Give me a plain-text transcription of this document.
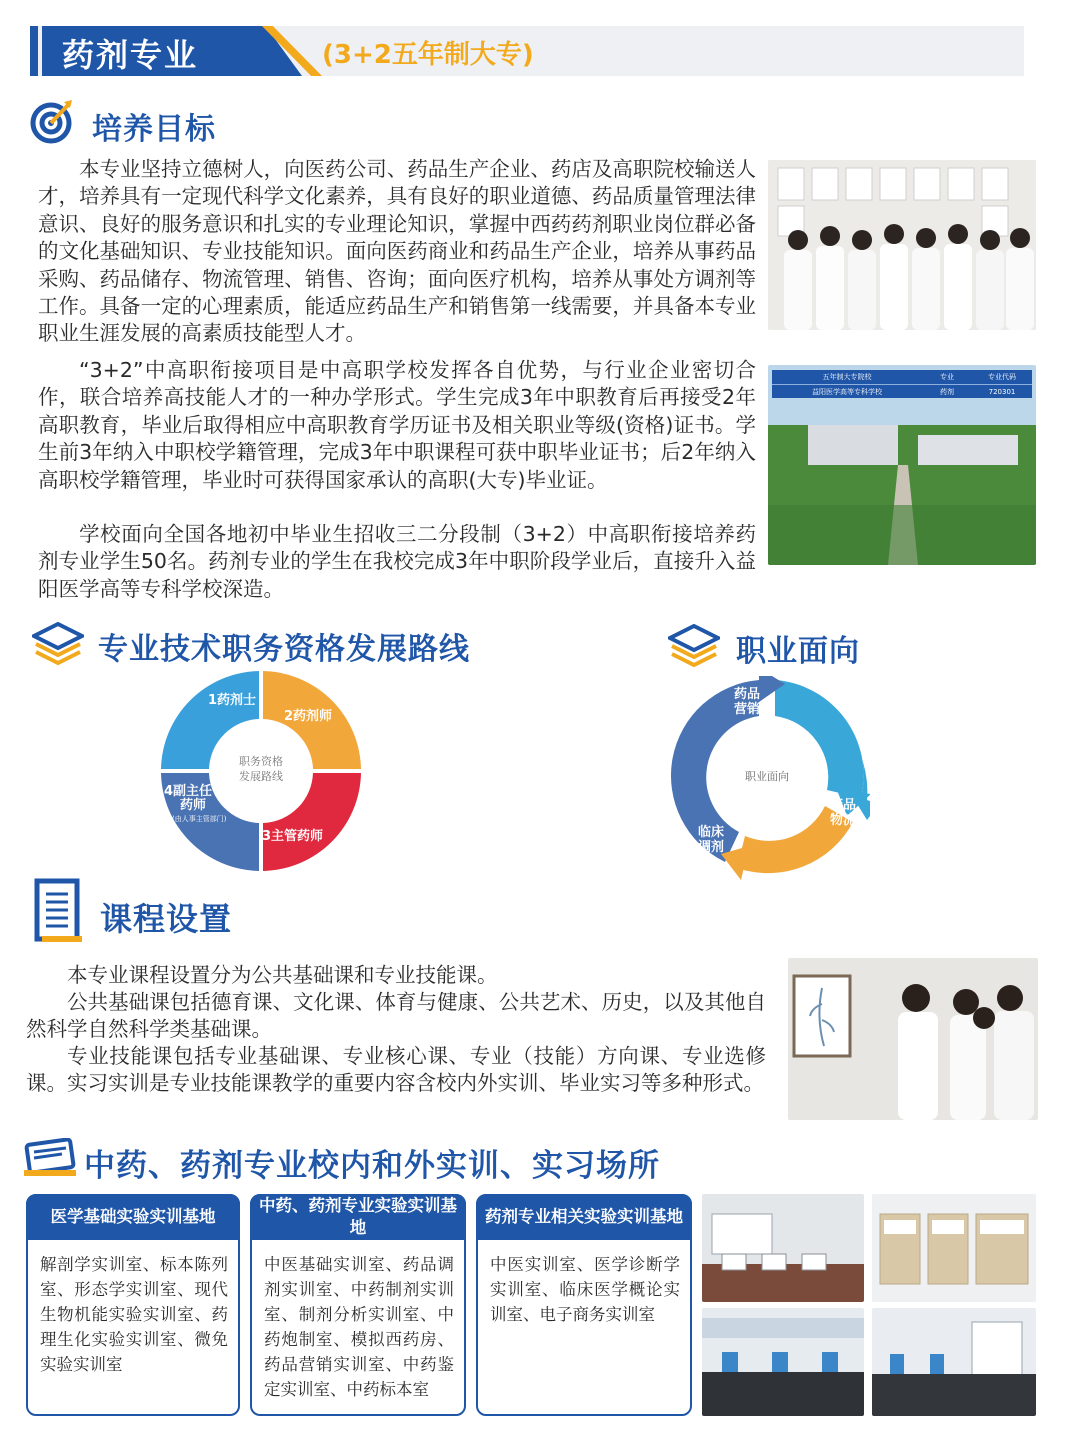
药剂专业	(3+2五年制大专)
培养目标
本专业坚持立德树人，向医药公司、药品生产企业、药店及高职院校输送人才，培养具有一定现代科学文化素养，具有良好的职业道德、药品质量管理法律意识、良好的服务意识和扎实的专业理论知识，掌握中西药药剂职业岗位群必备的文化基础知识、专业技能知识。面向医药商业和药品生产企业，培养从事药品采购、药品储存、物流管理、销售、咨询；面向医疗机构，培养从事处方调剂等工作。具备一定的心理素质，能适应药品生产和销售第一线需要，并具备本专业职业生涯发展的高素质技能型人才。
“3+2”中高职衔接项目是中高职学校发挥各自优势，与行业企业密切合作，联合培养高技能人才的一种办学形式。学生完成3年中职教育后再接受2年高职教育，毕业后取得相应中高职教育学历证书及相关职业等级(资格)证书。学生前3年纳入中职校学籍管理，完成3年中职课程可获中职毕业证书；后2年纳入高职校学籍管理，毕业时可获得国家承认的高职(大专)毕业证。
学校面向全国各地初中毕业生招收三二分段制（3+2）中高职衔接培养药剂专业学生50名。药剂专业的学生在我校完成3年中职阶段学业后，直接升入益阳医学高等专科学校深造。
五年制大专院校	专业	专业代码
益阳医学高等专科学校	药剂	720301
专业技术职务资格发展路线
职务资格
发展路线
1药剂士
2药剂师
3主管药师
4副主任
药师
(由人事主管部门)
职业面向
职业面向
药品
营销
药品
物流
临床
调剂
课程设置
本专业课程设置分为公共基础课和专业技能课。
公共基础课包括德育课、文化课、体育与健康、公共艺术、历史，以及其他自然科学自然科学类基础课。
专业技能课包括专业基础课、专业核心课、专业（技能）方向课、专业选修课。实习实训是专业技能课教学的重要内容含校内外实训、毕业实习等多种形式。
中药、药剂专业校内和外实训、实习场所
医学基础实验实训基地
解剖学实训室、标本陈列室、形态学实训室、现代生物机能实验实训室、药理生化实验实训室、微免实验实训室
中药、药剂专业实验实训基地
中医基础实训室、药品调剂实训室、中药制剂实训室、制剂分析实训室、中药炮制室、模拟西药房、药品营销实训室、中药鉴定实训室、中药标本室
药剂专业相关实验实训基地
中医实训室、医学诊断学实训室、临床医学概论实训室、电子商务实训室
